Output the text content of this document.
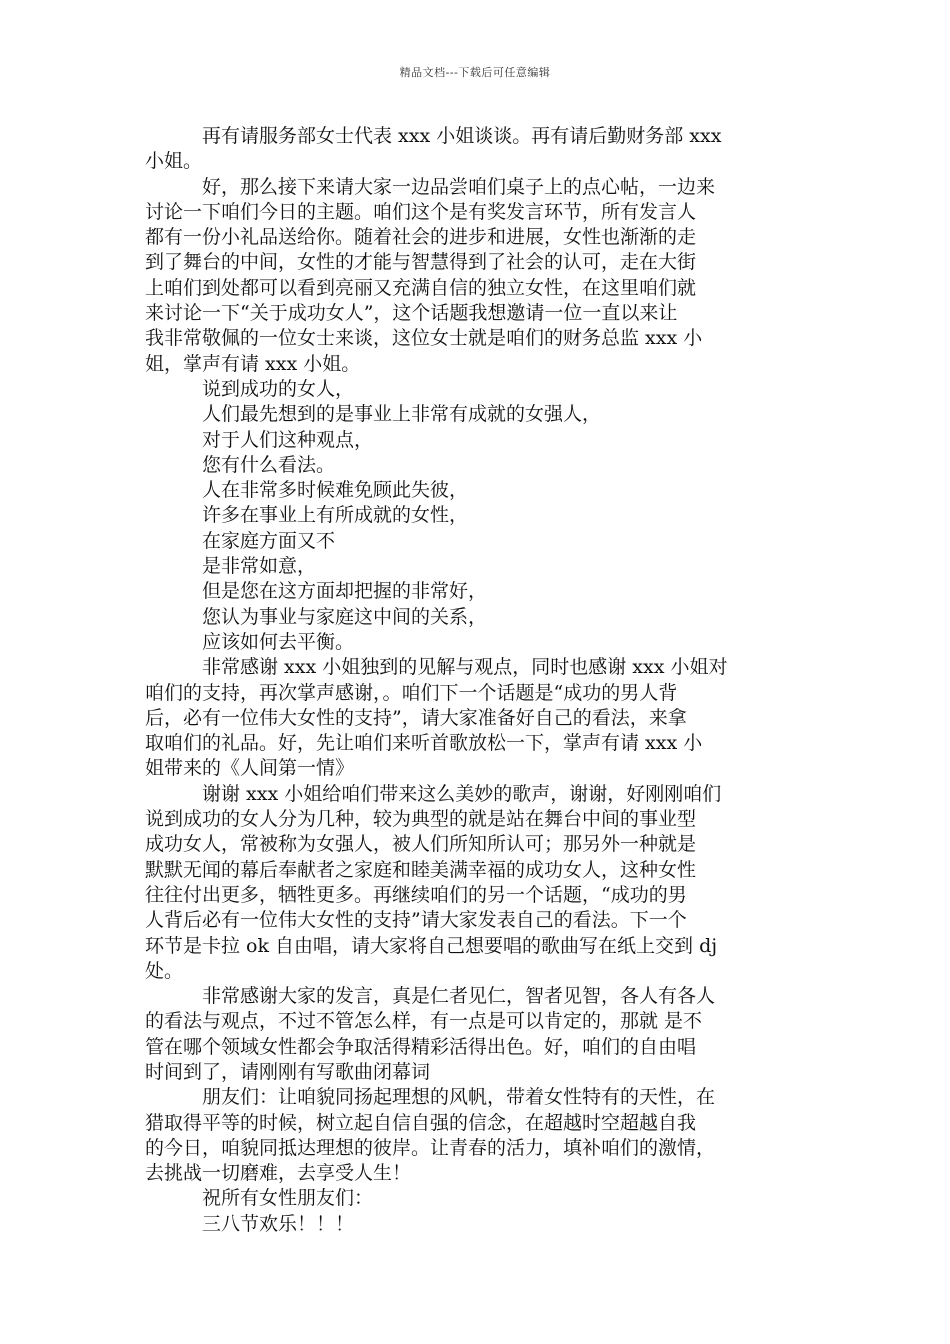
精品文档---下载后可任意编辑
再有请服务部女士代表 xxx 小姐谈谈。再有请后勤财务部 xxx
小姐。
好，那么接下来请大家一边品尝咱们桌子上的点心帖，一边来
讨论一下咱们今日的主题。咱们这个是有奖发言环节，所有发言人
都有一份小礼品送给你。随着社会的进步和进展，女性也渐渐的走
到了舞台的中间，女性的才能与智慧得到了社会的认可，走在大街
上咱们到处都可以看到亮丽又充满自信的独立女性，在这里咱们就
来讨论一下“关于成功女人”，这个话题我想邀请一位一直以来让
我非常敬佩的一位女士来谈，这位女士就是咱们的财务总监 xxx 小
姐，掌声有请 xxx 小姐。
说到成功的女人，
人们最先想到的是事业上非常有成就的女强人，
对于人们这种观点，
您有什么看法。
人在非常多时候难免顾此失彼，
许多在事业上有所成就的女性，
在家庭方面又不
是非常如意，
但是您在这方面却把握的非常好，
您认为事业与家庭这中间的关系，
应该如何去平衡。
非常感谢 xxx 小姐独到的见解与观点，同时也感谢 xxx 小姐对
咱们的支持，再次掌声感谢，。咱们下一个话题是“成功的男人背
后，必有一位伟大女性的支持”，请大家准备好自己的看法，来拿
取咱们的礼品。好，先让咱们来听首歌放松一下，掌声有请 xxx 小
姐带来的《人间第一情》
谢谢 xxx 小姐给咱们带来这么美妙的歌声，谢谢，好刚刚咱们
说到成功的女人分为几种，较为典型的就是站在舞台中间的事业型
成功女人，常被称为女强人，被人们所知所认可；那另外一种就是
默默无闻的幕后奉献者之家庭和睦美满幸福的成功女人，这种女性
往往付出更多，牺牲更多。再继续咱们的另一个话题，“成功的男
人背后必有一位伟大女性的支持”请大家发表自己的看法。下一个
环节是卡拉 ok 自由唱，请大家将自己想要唱的歌曲写在纸上交到 dj
处。
非常感谢大家的发言，真是仁者见仁，智者见智，各人有各人
的看法与观点，不过不管怎么样，有一点是可以肯定的，那就 是不
管在哪个领域女性都会争取活得精彩活得出色。好，咱们的自由唱
时间到了，请刚刚有写歌曲闭幕词
朋友们：让咱貌同扬起理想的风帆，带着女性特有的天性，在
猎取得平等的时候，树立起自信自强的信念，在超越时空超越自我
的今日，咱貌同抵达理想的彼岸。让青春的活力，填补咱们的激情，
去挑战一切磨难，去享受人生！
祝所有女性朋友们：
三八节欢乐！！！
